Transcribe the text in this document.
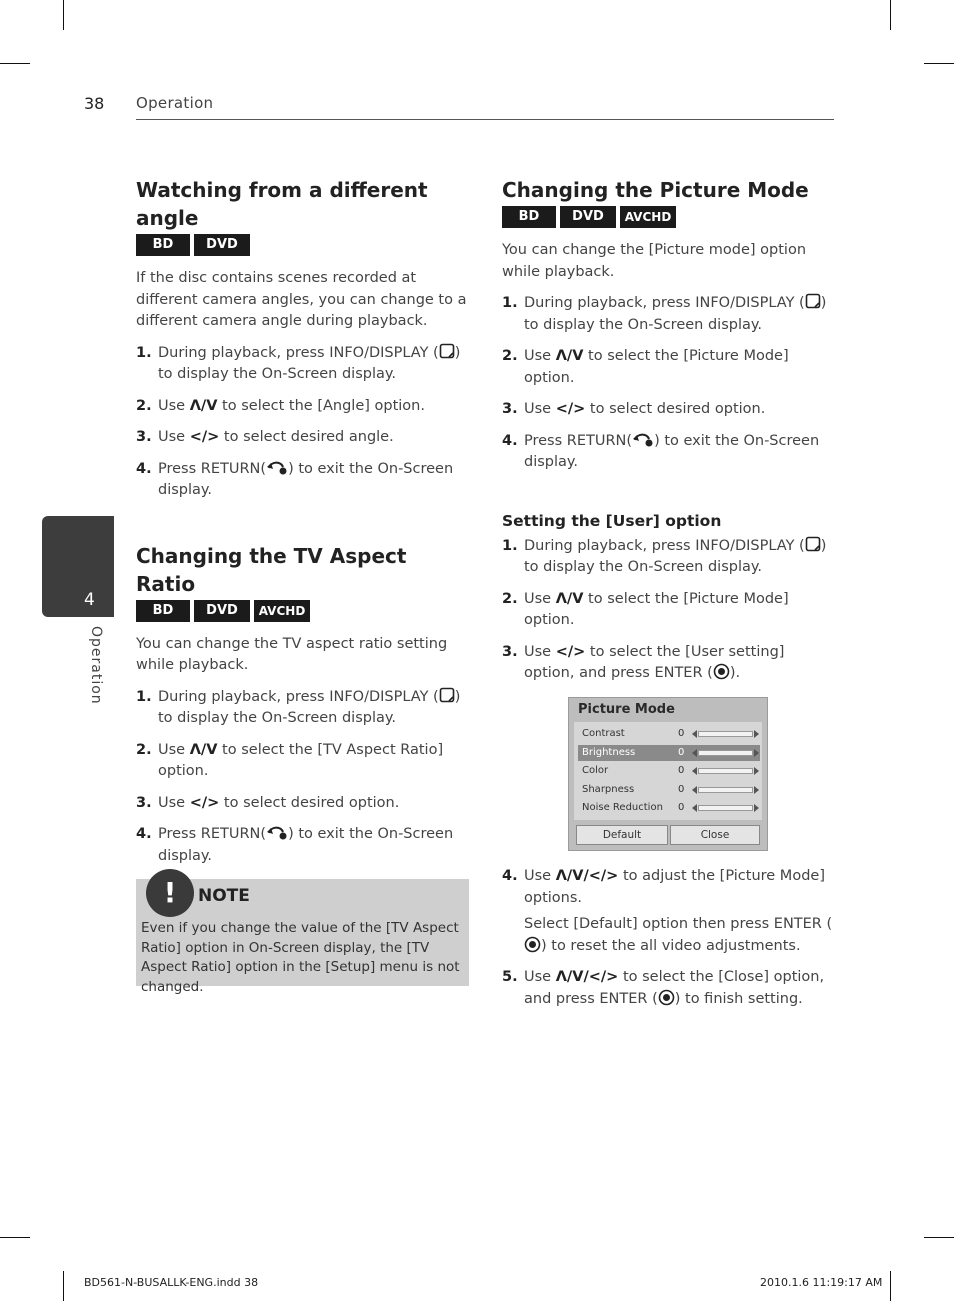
38 Operation
4
Operation
Watching from a different angle
BD	DVD

If the disc contains scenes recorded at different camera angles, you can change to a different camera angle during playback.

1. During playback, press INFO/DISPLAY ( ) to display the On-Screen display.
2. Use Λ/V to select the [Angle] option.
3. Use </> to select desired angle.
4. Press RETURN( ) to exit the On-Screen display.
Changing the TV Aspect Ratio
BD	DVD	AVCHD

You can change the TV aspect ratio setting while playback.

1. During playback, press INFO/DISPLAY ( ) to display the On-Screen display.
2. Use Λ/V to select the [TV Aspect Ratio] option.
3. Use </> to select desired option.
4. Press RETURN( ) to exit the On-Screen display.
!	NOTE
Even if you change the value of the [TV Aspect Ratio] option in On-Screen display, the [TV Aspect Ratio] option in the [Setup] menu is not changed.
Changing the Picture Mode
BD	DVD	AVCHD

You can change the [Picture mode] option while playback.

1. During playback, press INFO/DISPLAY ( ) to display the On-Screen display.
2. Use Λ/V to select the [Picture Mode] option.
3. Use </> to select desired option.
4. Press RETURN( ) to exit the On-Screen display.
Setting the [User] option
1. During playback, press INFO/DISPLAY ( ) to display the On-Screen display.
2. Use Λ/V to select the [Picture Mode] option.
3. Use </> to select the [User setting] option, and press ENTER ( ).
Picture Mode
Contrast	0
Brightness	0
Color	0
Sharpness	0
Noise Reduction 0
Default	Close
4. Use Λ/V/</> to adjust the [Picture Mode] options.
Select [Default] option then press ENTER () to reset the all video adjustments.
5. Use Λ/V/</> to select the [Close] option, and press ENTER ( ) to finish setting.
BD561-N-BUSALLK-ENG.indd 38	2010.1.6 11:19:17 AM
